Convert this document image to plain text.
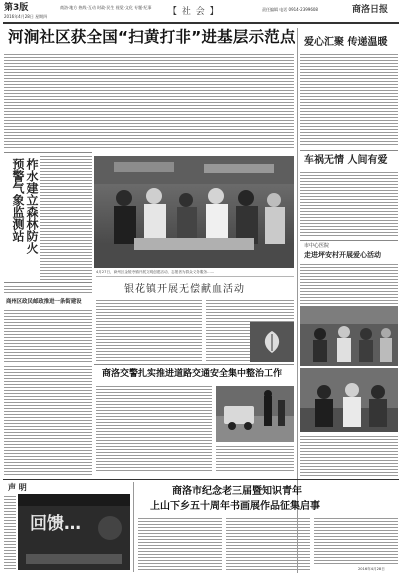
第3版
2016年4月28日 星期四
商洛·地方 热线·互动 时政·民生 视觉·文化 专题·纪事 【 社 会 】	责任编辑 电话 0914-2399608	商洛日报
河涧社区获全国“扫黄打非”进基层示范点
柞水建立森林防火
预警气象监测站
4月27日，商州区金陵寺镇开展文明创建活动，志愿者为群众义务服务……
银花镇开展无偿献血活动
商州区政民邮政推进一条街建设
商洛交警扎实推进道路交通安全集中整治工作
爱心汇聚 传递温暖
车祸无情 人间有爱
市中心医院
走进坪安村开展爱心活动
声 明
回馈…
商洛市纪念老三届暨知识青年
上山下乡五十周年书画展作品征集启事
2016年4月28日
